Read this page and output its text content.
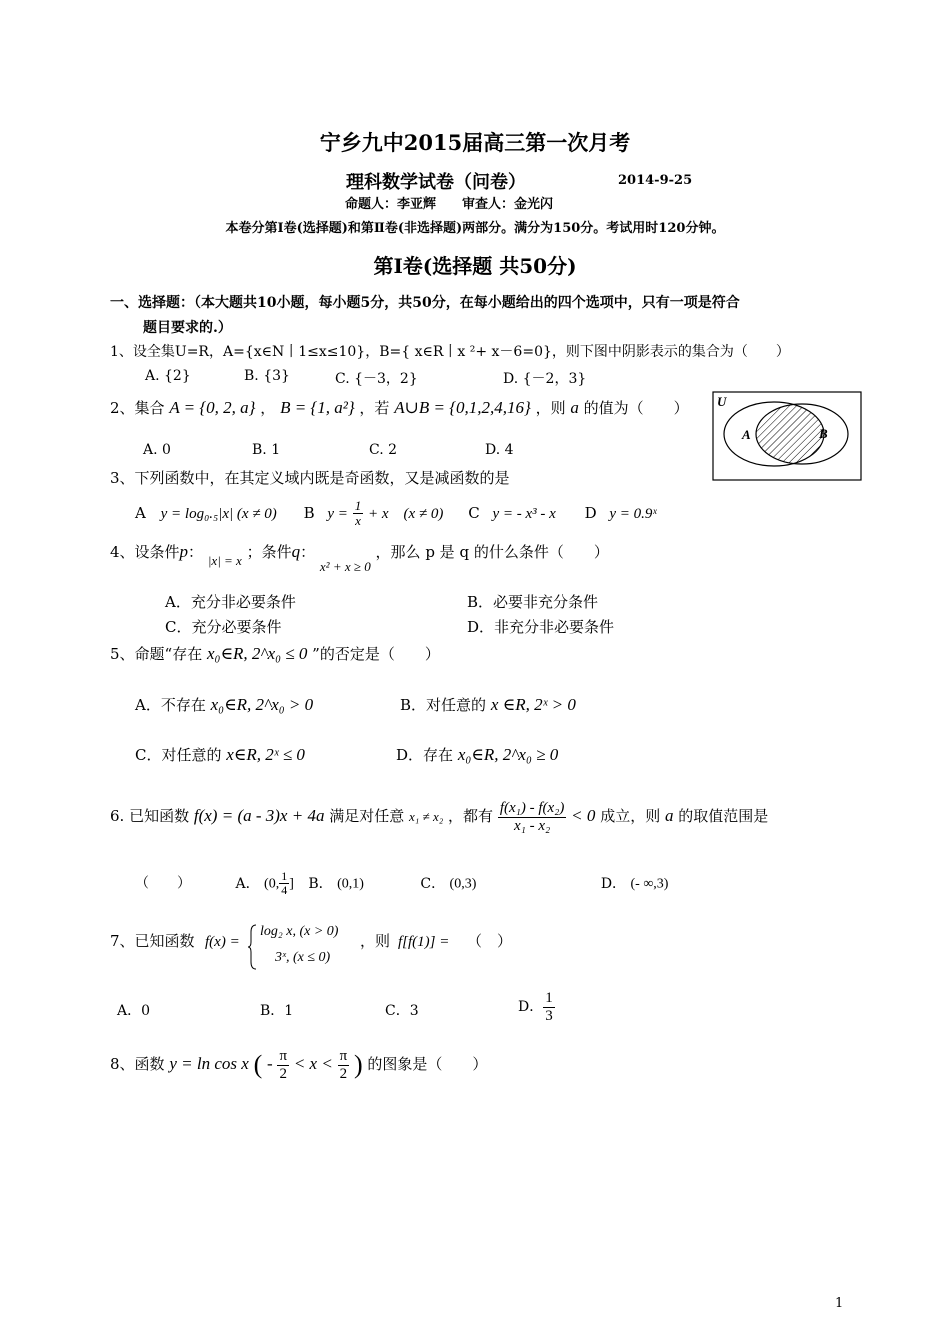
宁乡九中2015届高三第一次月考
理科数学试卷（问卷）	2014-9-25
命题人：李亚辉　　审查人：金光闪
本卷分第Ⅰ卷(选择题)和第Ⅱ卷(非选择题)两部分。满分为150分。考试用时120分钟。
第Ⅰ卷(选择题 共50分)
一、选择题：（本大题共10小题，每小题5分，共50分，在每小题给出的四个选项中，只有一项是符合
题目要求的.）
1、设全集U=R，A={x∈N丨1≤x≤10}，B={ x∈R丨x ²+ x－6=0}，则下图中阴影表示的集合为（　　）
A. {2}	B. {3}	C. {－3，2}	D. {－2，3}
2、集合 A = {0, 2, a} ， B = {1, a²} ，若 A∪B = {0,1,2,4,16} ，则 a 的值为（　　）
A. 0	B. 1	C. 2	D. 4
U
A	B
3、下列函数中，在其定义域内既是奇函数，又是减函数的是
A y = log₀.₅|x| (x ≠ 0) B $y = \frac{1}{x} + x$　(x ≠ 0) C y = - x³ - x D y = 0.9ˣ
4、设条件p： |x| = x ；条件q： x² + x ≥ 0 ，那么 p 是 q 的什么条件（　　）
A．充分非必要条件	B．必要非充分条件
C．充分必要条件	D．非充分非必要条件
5、命题“存在 x₀∈R, 2^x₀ ≤ 0 ”的否定是（　　）
A．不存在 x₀∈R, 2^x₀ > 0	B．对任意的 x ∈R, 2ˣ > 0
C．对任意的 x∈R, 2ˣ ≤ 0	D．存在 x₀∈R, 2^x₀ ≥ 0
6. 已知函数 f(x) = (a - 3)x + 4a 满足对任意 x₁ ≠ x₂ ，都有 $\frac{\text{f(x₁) - f(x₂)}}{\text{x₁ - x₂}} < 0$ 成立，则 a 的取值范围是
（　　）	A． (0, $\frac{1}{4}$ ] B． (0,1)	C． (0,3)	D． (- ∞,3)
7、已知函数 f(x) =
log₂ x, (x > 0)
3ˣ, (x ≤ 0)
，则 f[f(1)] = （　）
A．0	B．1	C．3	D． $\frac{1}{3}$
8、函数 y = ln cos x ( - $\frac{\pi}{2} < x < \frac{\pi}{2}$ ) 的图象是（　　）
1
